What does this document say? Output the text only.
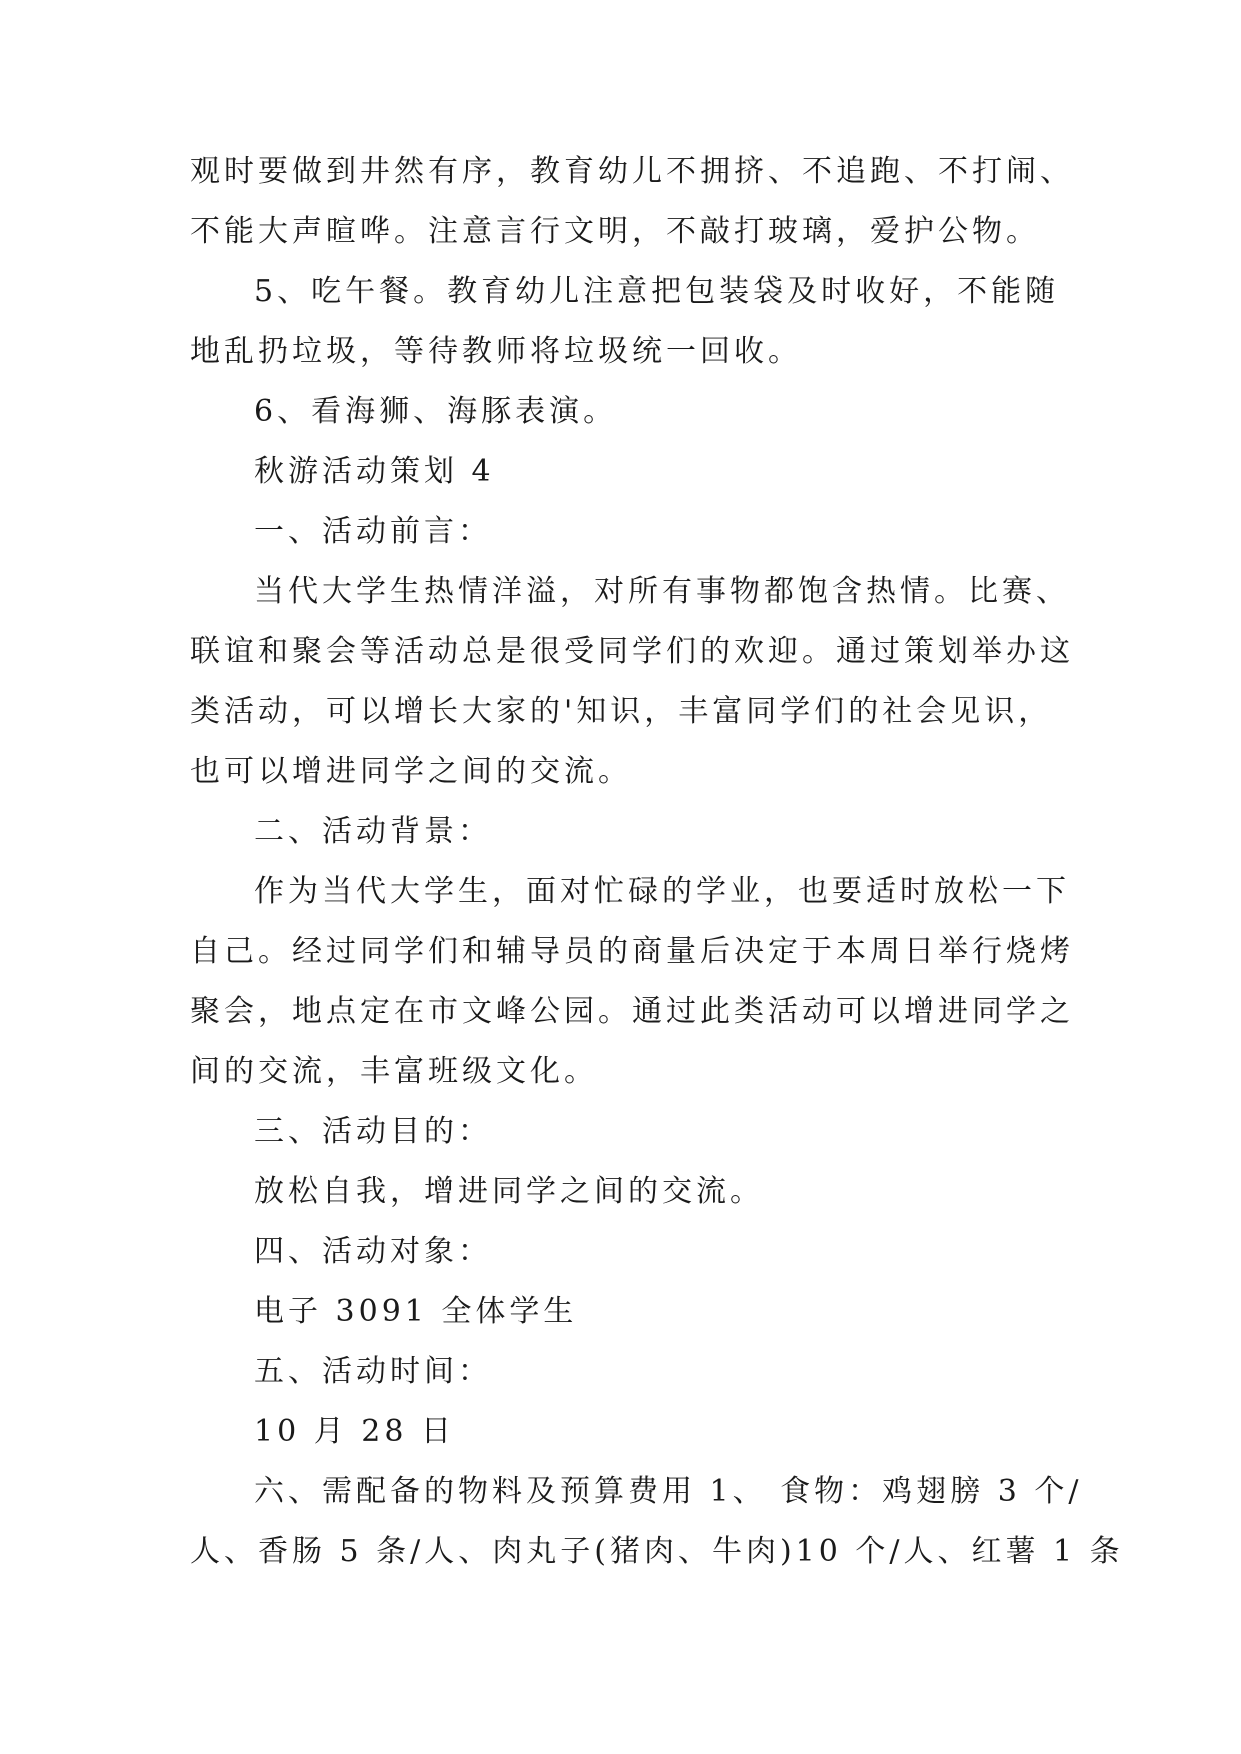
观时要做到井然有序，教育幼儿不拥挤、不追跑、不打闹、
不能大声暄哗。注意言行文明，不敲打玻璃，爱护公物。
5、吃午餐。教育幼儿注意把包装袋及时收好，不能随
地乱扔垃圾，等待教师将垃圾统一回收。
6、看海狮、海豚表演。
秋游活动策划 4
一、活动前言：
当代大学生热情洋溢，对所有事物都饱含热情。比赛、
联谊和聚会等活动总是很受同学们的欢迎。通过策划举办这
类活动，可以增长大家的'知识，丰富同学们的社会见识，
也可以增进同学之间的交流。
二、活动背景：
作为当代大学生，面对忙碌的学业，也要适时放松一下
自己。经过同学们和辅导员的商量后决定于本周日举行烧烤
聚会，地点定在市文峰公园。通过此类活动可以增进同学之
间的交流，丰富班级文化。
三、活动目的：
放松自我，增进同学之间的交流。
四、活动对象：
电子 3091 全体学生
五、活动时间：
10 月 28 日
六、需配备的物料及预算费用 1、 食物：鸡翅膀 3 个/
人、香肠 5 条/人、肉丸子(猪肉、牛肉)10 个/人、红薯 1 条
